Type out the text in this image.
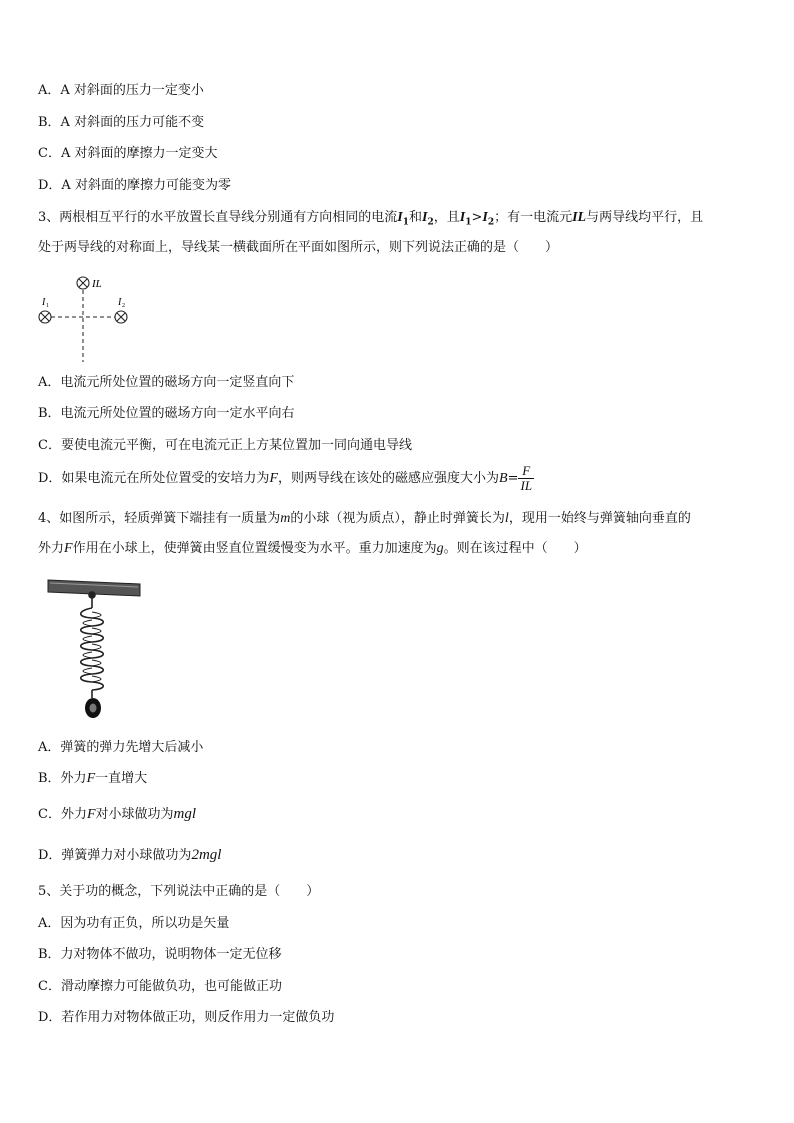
A．A 对斜面的压力一定变小
B．A 对斜面的压力可能不变
C．A 对斜面的摩擦力一定变大
D．A 对斜面的摩擦力可能变为零
3、两根相互平行的水平放置长直导线分别通有方向相同的电流$I_1$和$I_2$，且$I_1>I_2$；有一电流元IL与两导线均平行，且
处于两导线的对称面上，导线某一横截面所在平面如图所示，则下列说法正确的是（　　）
IL
I 1	I 2
A．电流元所处位置的磁场方向一定竖直向下
B．电流元所处位置的磁场方向一定水平向右
C．要使电流元平衡，可在电流元正上方某位置加一同向通电导线
D．如果电流元在所处位置受的安培力为F，则两导线在该处的磁感应强度大小为$B= \frac{F}{IL}$
4、如图所示，轻质弹簧下端挂有一质量为m的小球（视为质点），静止时弹簧长为l，现用一始终与弹簧轴向垂直的
外力F作用在小球上，使弹簧由竖直位置缓慢变为水平。重力加速度为g。则在该过程中（　　）
A．弹簧的弹力先增大后减小
B．外力F一直增大
C．外力F对小球做功为mgl
D．弹簧弹力对小球做功为2mgl
5、关于功的概念，下列说法中正确的是（　　）
A．因为功有正负，所以功是矢量
B．力对物体不做功，说明物体一定无位移
C．滑动摩擦力可能做负功，也可能做正功
D．若作用力对物体做正功，则反作用力一定做负功
